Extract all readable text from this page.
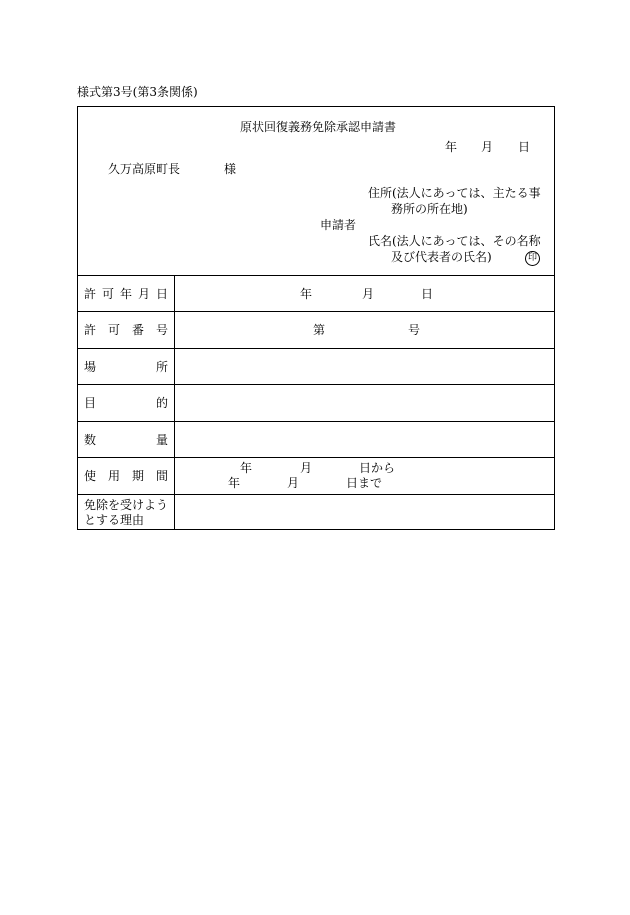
様式第3号(第3条関係)
原状回復義務免除承認申請書
年 月 日
久万高原町長	様
住所(法人にあっては、主たる事
務所の所在地)
申請者
氏名(法人にあっては、その名称
及び代表者の氏名)	印
許 可 年 月 日	年	月	日
許 可 番 号	第	号
場	所
目	的
数	量
使 用 期 間
年	月	日から
年	月	日まで
免除を受けよう
とする理由
